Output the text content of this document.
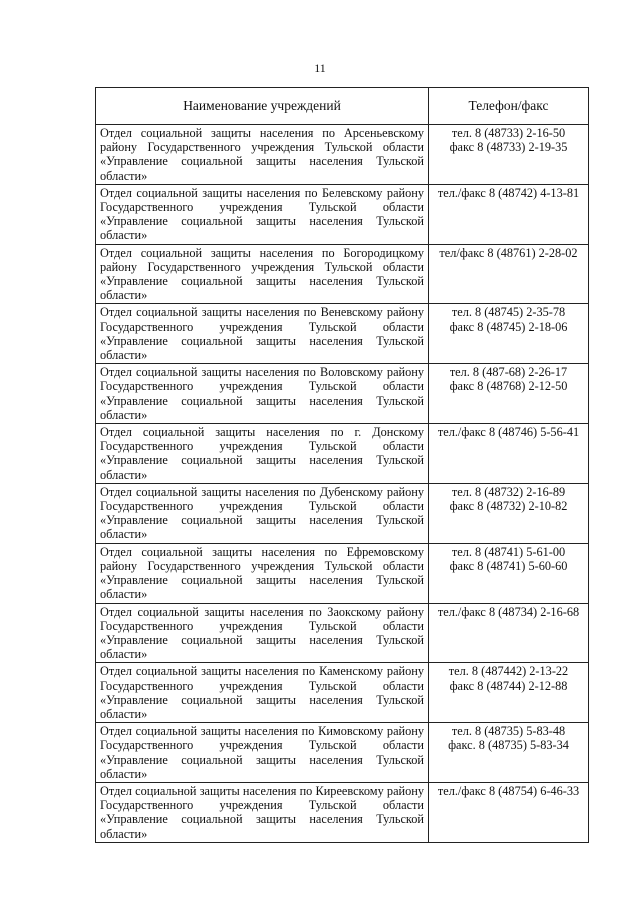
11
Наименование учреждений	Телефон/факс
Отдел социальной защиты населения по Арсеньевскому району Государственного учреждения Тульской области «Управление социальной защиты населения Тульской области»	тел. 8 (48733) 2-16-50
факс 8 (48733) 2-19-35

Отдел социальной защиты населения по Белевскому району Государственного учреждения Тульской области «Управление социальной защиты населения Тульской области»	тел./факс 8 (48742) 4-13-81

Отдел социальной защиты населения по Богородицкому району Государственного учреждения Тульской области «Управление социальной защиты населения Тульской области»	тел/факс 8 (48761) 2-28-02

Отдел социальной защиты населения по Веневскому району Государственного учреждения Тульской области «Управление социальной защиты населения Тульской области»	тел. 8 (48745) 2-35-78
факс 8 (48745) 2-18-06

Отдел социальной защиты населения по Воловскому району Государственного учреждения Тульской области «Управление социальной защиты населения Тульской области»	тел. 8 (487-68) 2-26-17
факс 8 (48768) 2-12-50

Отдел социальной защиты населения по г. Донскому Государственного учреждения Тульской области «Управление социальной защиты населения Тульской области»	тел./факс 8 (48746) 5-56-41

Отдел социальной защиты населения по Дубенскому району Государственного учреждения Тульской области «Управление социальной защиты населения Тульской области»	тел. 8 (48732) 2-16-89
факс 8 (48732) 2-10-82

Отдел социальной защиты населения по Ефремовскому району Государственного учреждения Тульской области «Управление социальной защиты населения Тульской области»	тел. 8 (48741) 5-61-00
факс 8 (48741) 5-60-60

Отдел социальной защиты населения по Заокскому району Государственного учреждения Тульской области «Управление социальной защиты населения Тульской области»	тел./факс 8 (48734) 2-16-68

Отдел социальной защиты населения по Каменскому району Государственного учреждения Тульской области «Управление социальной защиты населения Тульской области»	тел. 8 (487442) 2-13-22
факс 8 (48744) 2-12-88

Отдел социальной защиты населения по Кимовскому району Государственного учреждения Тульской области «Управление социальной защиты населения Тульской области»	тел. 8 (48735) 5-83-48
факс. 8 (48735) 5-83-34

Отдел социальной защиты населения по Киреевскому району Государственного учреждения Тульской области «Управление социальной защиты населения Тульской области»	тел./факс 8 (48754) 6-46-33
